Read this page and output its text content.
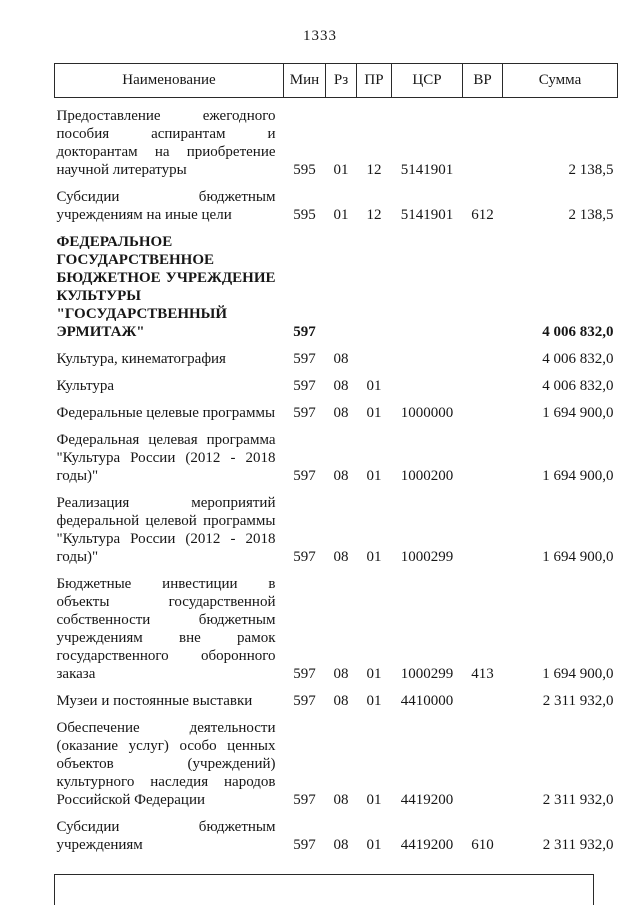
1333
Наименование	Мин	Рз	ПР	ЦСР	ВР	Сумма
Предоставление ежегодного пособия аспирантам и докторантам на приобретение научной литературы	595	01	12	5141901		2 138,5
Субсидии бюджетным учреждениям на иные цели	595	01	12	5141901	612	2 138,5
ФЕДЕРАЛЬНОЕ ГОСУДАРСТВЕННОЕ БЮДЖЕТНОЕ УЧРЕЖДЕНИЕ КУЛЬТУРЫ "ГОСУДАРСТВЕННЫЙ ЭРМИТАЖ"	597					4 006 832,0
Культура, кинематография	597	08				4 006 832,0
Культура	597	08	01			4 006 832,0
Федеральные целевые программы	597	08	01	1000000		1 694 900,0
Федеральная целевая программа "Культура России (2012 - 2018 годы)"	597	08	01	1000200		1 694 900,0
Реализация мероприятий федеральной целевой программы "Культура России (2012 - 2018 годы)"	597	08	01	1000299		1 694 900,0
Бюджетные инвестиции в объекты государственной собственности бюджетным учреждениям вне рамок государственного оборонного заказа	597	08	01	1000299	413	1 694 900,0
Музеи и постоянные выставки	597	08	01	4410000		2 311 932,0
Обеспечение деятельности (оказание услуг) особо ценных объектов (учреждений) культурного наследия народов Российской Федерации	597	08	01	4419200		2 311 932,0
Субсидии бюджетным учреждениям	597	08	01	4419200	610	2 311 932,0
